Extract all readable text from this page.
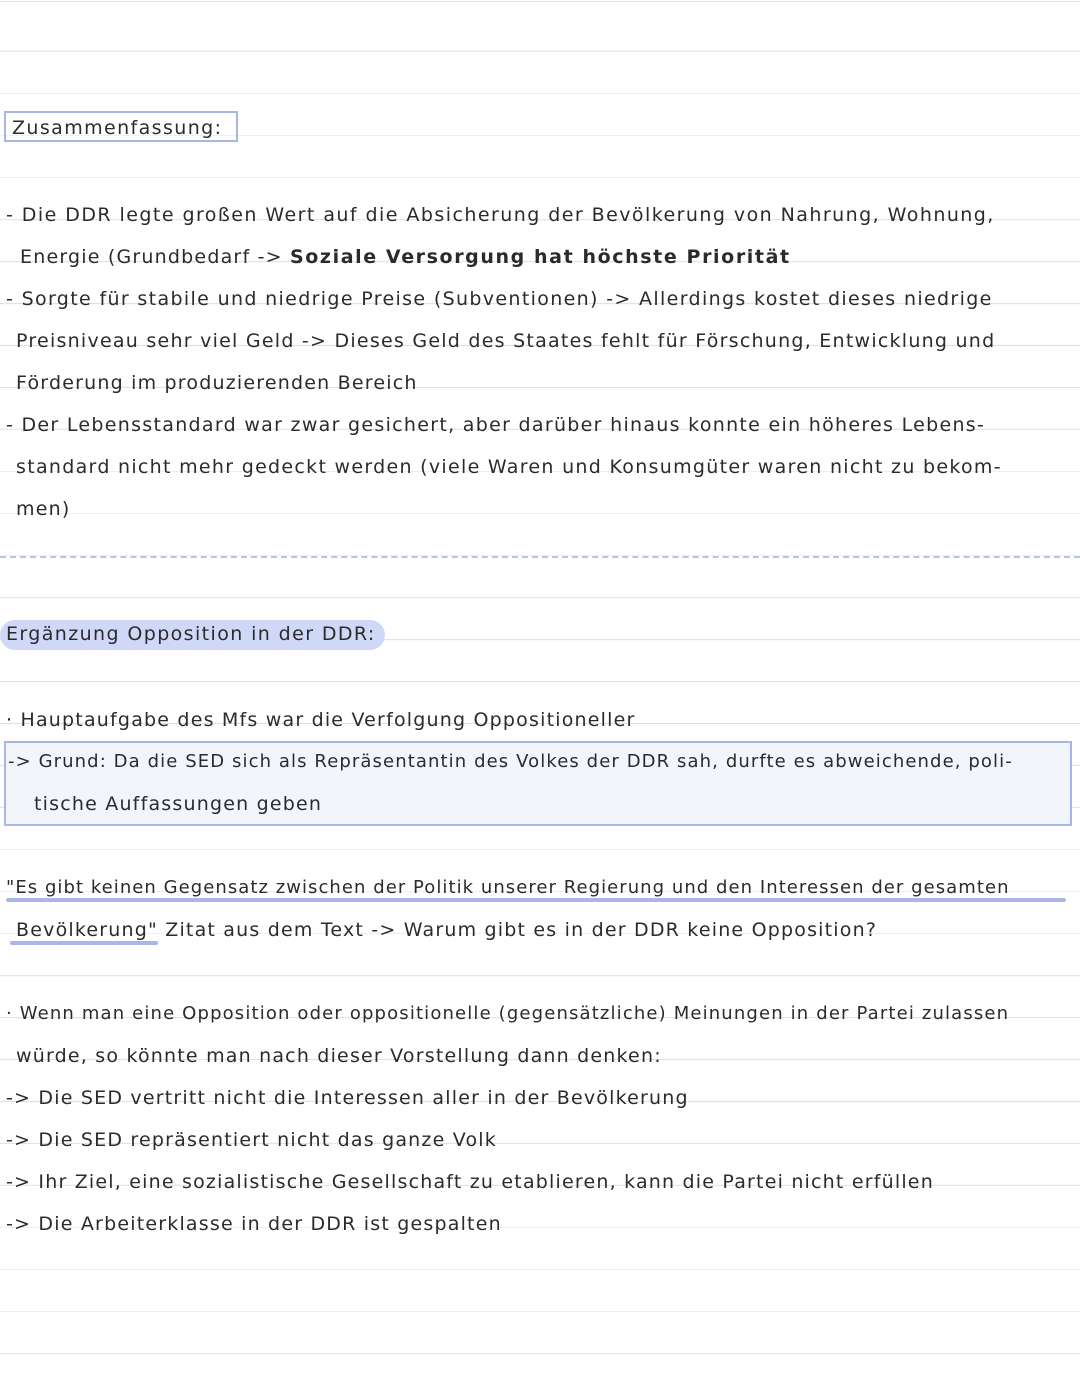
Zusammenfassung:
- Die DDR legte großen Wert auf die Absicherung der Bevölkerung von Nahrung, Wohnung,
Energie (Grundbedarf -> Soziale Versorgung hat höchste Priorität
- Sorgte für stabile und niedrige Preise (Subventionen) -> Allerdings kostet dieses niedrige
Preisniveau sehr viel Geld -> Dieses Geld des Staates fehlt für Förschung, Entwicklung und
Förderung im produzierenden Bereich
- Der Lebensstandard war zwar gesichert, aber darüber hinaus konnte ein höheres Lebens-
standard nicht mehr gedeckt werden (viele Waren und Konsumgüter waren nicht zu bekom-
men)
Ergänzung Opposition in der DDR:
· Hauptaufgabe des Mfs war die Verfolgung Oppositioneller
-> Grund: Da die SED sich als Repräsentantin des Volkes der DDR sah, durfte es abweichende, poli-
tische Auffassungen geben
"Es gibt keinen Gegensatz zwischen der Politik unserer Regierung und den Interessen der gesamten
Bevölkerung" Zitat aus dem Text -> Warum gibt es in der DDR keine Opposition?
· Wenn man eine Opposition oder oppositionelle (gegensätzliche) Meinungen in der Partei zulassen
würde, so könnte man nach dieser Vorstellung dann denken:
-> Die SED vertritt nicht die Interessen aller in der Bevölkerung
-> Die SED repräsentiert nicht das ganze Volk
-> Ihr Ziel, eine sozialistische Gesellschaft zu etablieren, kann die Partei nicht erfüllen
-> Die Arbeiterklasse in der DDR ist gespalten
